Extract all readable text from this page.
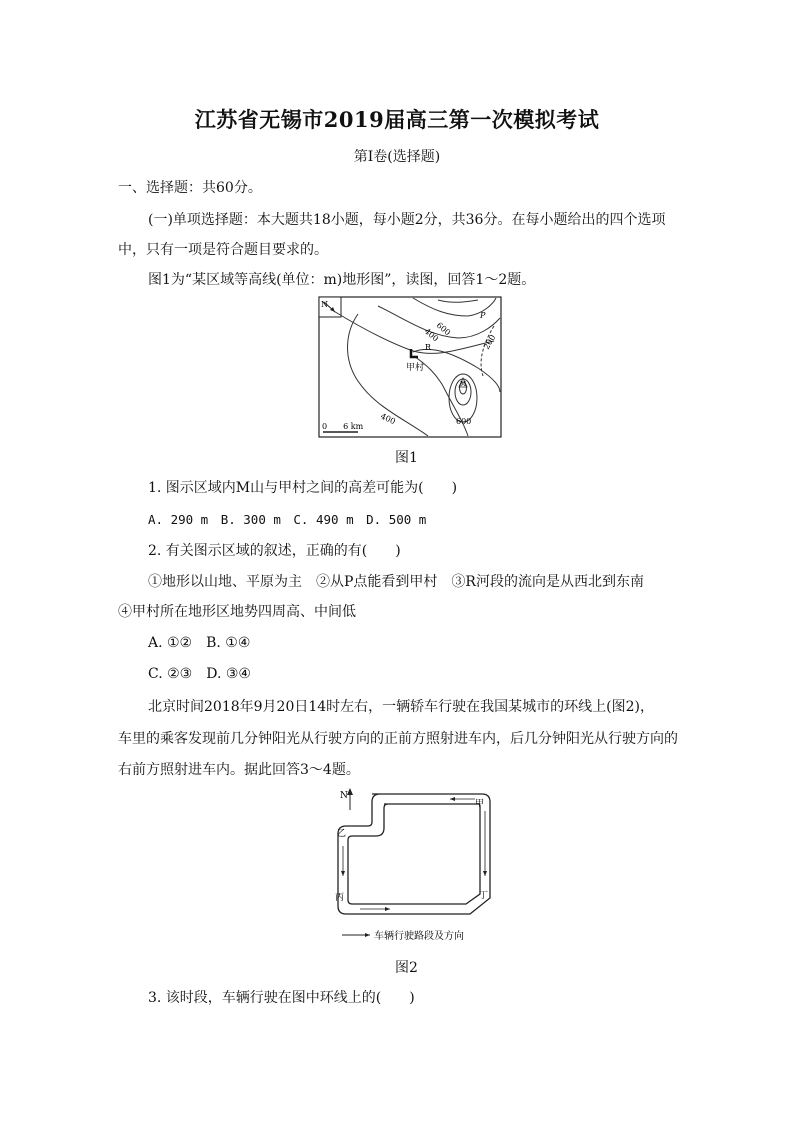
江苏省无锡市2019届高三第一次模拟考试
第Ⅰ卷(选择题)
一、选择题：共60分。
(一)单项选择题：本大题共18小题，每小题2分，共36分。在每小题给出的四个选项
中，只有一项是符合题目要求的。
图1为“某区域等高线(单位：m)地形图”，读图，回答1～2题。
N
600
400	200
400	600
P
R
甲村
M
0　　6 km
图1
1. 图示区域内M山与甲村之间的高差可能为(　　)
A. 290 m　B. 300 m　C. 490 m　D. 500 m
2. 有关图示区域的叙述，正确的有(　　)
①地形以山地、平原为主　②从P点能看到甲村　③R河段的流向是从西北到东南
④甲村所在地形区地势四周高、中间低
A. ①②　B. ①④
C. ②③　D. ③④
北京时间2018年9月20日14时左右，一辆轿车行驶在我国某城市的环线上(图2)，
车里的乘客发现前几分钟阳光从行驶方向的正前方照射进车内，后几分钟阳光从行驶方向的
右前方照射进车内。据此回答3～4题。
N
甲
乙
丙	丁
车辆行驶路段及方向
图2
3. 该时段，车辆行驶在图中环线上的(　　)
